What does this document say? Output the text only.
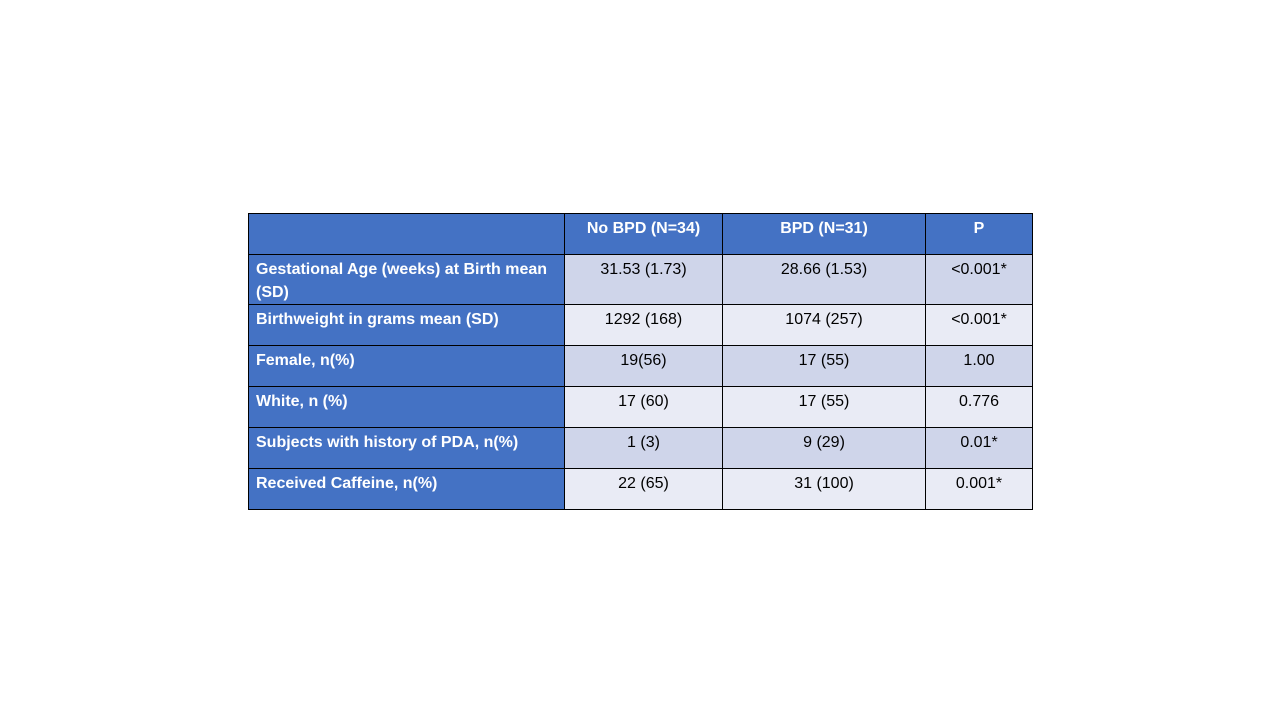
	No BPD (N=34)	BPD (N=31)	P
Gestational Age (weeks) at Birth mean (SD)	31.53 (1.73)	28.66 (1.53)	<0.001*
Birthweight in grams mean (SD)	1292 (168)	1074 (257)	<0.001*
Female, n(%)	19(56)	17 (55)	1.00
White, n (%)	17 (60)	17 (55)	0.776
Subjects with history of PDA, n(%)	1 (3)	9 (29)	0.01*
Received Caffeine, n(%)	22 (65)	31 (100)	0.001*
